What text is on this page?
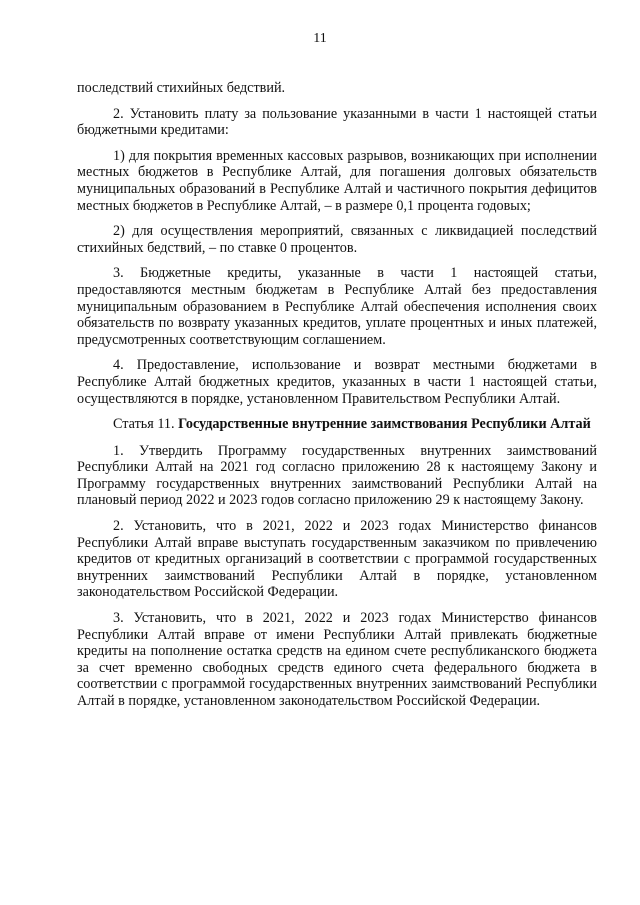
11

последствий стихийных бедствий.

2. Установить плату за пользование указанными в части 1 настоящей статьи бюджетными кредитами:

1) для покрытия временных кассовых разрывов, возникающих при исполнении местных бюджетов в Республике Алтай, для погашения долговых обязательств муниципальных образований в Республике Алтай и частичного покрытия дефицитов местных бюджетов в Республике Алтай, – в размере 0,1 процента годовых;

2) для осуществления мероприятий, связанных с ликвидацией последствий стихийных бедствий, – по ставке 0 процентов.

3. Бюджетные кредиты, указанные в части 1 настоящей статьи, предоставляются местным бюджетам в Республике Алтай без предоставления муниципальным образованием в Республике Алтай обеспечения исполнения своих обязательств по возврату указанных кредитов, уплате процентных и иных платежей, предусмотренных соответствующим соглашением.

4. Предоставление, использование и возврат местными бюджетами в Республике Алтай бюджетных кредитов, указанных в части 1 настоящей статьи, осуществляются в порядке, установленном Правительством Республики Алтай.

Статья 11. Государственные внутренние заимствования Республики Алтай

1. Утвердить Программу государственных внутренних заимствований Республики Алтай на 2021 год согласно приложению 28 к настоящему Закону и Программу государственных внутренних заимствований Республики Алтай на плановый период 2022 и 2023 годов согласно приложению 29 к настоящему Закону.

2. Установить, что в 2021, 2022 и 2023 годах Министерство финансов Республики Алтай вправе выступать государственным заказчиком по привлечению кредитов от кредитных организаций в соответствии с программой государственных внутренних заимствований Республики Алтай в порядке, установленном законодательством Российской Федерации.

3. Установить, что в 2021, 2022 и 2023 годах Министерство финансов Республики Алтай вправе от имени Республики Алтай привлекать бюджетные кредиты на пополнение остатка средств на едином счете республиканского бюджета за счет временно свободных средств единого счета федерального бюджета в соответствии с программой государственных внутренних заимствований Республики Алтай в порядке, установленном законодательством Российской Федерации.
